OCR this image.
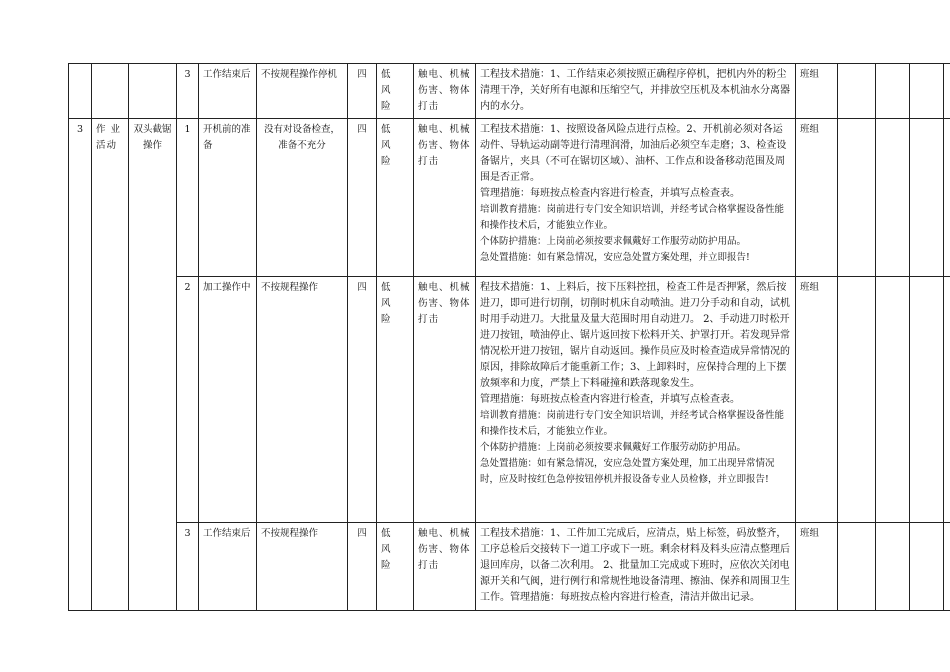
			3	工作结束后	不按规程操作停机	四	低 风险	触电、机械伤害、物体打击	工程技术措施：1、工作结束必须按照正确程序停机，把机内外的粉尘清理干净，关好所有电源和压缩空气，并排放空压机及本机油水分离器内的水分。	班组				
3	作 业 活动	双头截锯操作	1	开机前的准备	没有对设备检查，准备不充分	四	低 风险	触电、机械伤害、物体打击	工程技术措施：1、按照设备风险点进行点检。2、开机前必须对各运动件、导轨运动副等进行清理润滑，加油后必须空车走磨；3、检查设备锯片，夹具（不可在锯切区域）、油杯、工作点和设备移动范围及周围是否正常。

管理措施：每班按点检查内容进行检查，并填写点检查表。

培训教育措施：岗前进行专门安全知识培训，并经考试合格掌握设备性能和操作技术后，才能独立作业。

个体防护措施：上岗前必须按要求佩戴好工作服劳动防护用品。

急处置措施：如有紧急情况，安应急处置方案处理，并立即报告!	班组				
			2	加工操作中	不按规程操作	四	低 风险	触电、机械伤害、物体打击	程技术措施：1、上料后，按下压料控扭，检查工件是否押紧，然后按进刀，即可进行切削，切削时机床自动喷油。进刀分手动和自动，试机时用手动进刀。大批量及量大范围时用自动进刀。 2、手动进刀时松开进刀按钮，喷油停止、锯片返回按下松料开关、护罩打开。若发现异常情况松开进刀按钮，锯片自动返回。操作员应及时检查造成异常情况的原因，排除故障后才能重新工作；3、上卸料时，应保持合理的上下摆放频率和力度，严禁上下料碰撞和跌落现象发生。

管理措施：每班按点检查内容进行检查，并填写点检查表。

培训教育措施：岗前进行专门安全知识培训，并经考试合格掌握设备性能和操作技术后，才能独立作业。

个体防护措施：上岗前必须按要求佩戴好工作服劳动防护用品。

急处置措施：如有紧急情况，安应急处置方案处理，加工出现异常情况时，应及时按红色急停按钮停机并报设备专业人员检修，并立即报告!	班组				
			3	工作结束后	不按规程操作	四	低 风险	触电、机械伤害、物体打击	工程技术措施：1、工件加工完成后，应清点，贴上标签，码放整齐，工序总检后交接转下一道工序或下一班。剩余材料及料头应清点整理后退回库房，以备二次利用。 2、批量加工完成或下班时，应依次关闭电源开关和气阀，进行例行和常规性地设备清理、擦油、保养和周围卫生工作。管理措施：每班按点检内容进行检查，清洁并做出记录。	班组				
